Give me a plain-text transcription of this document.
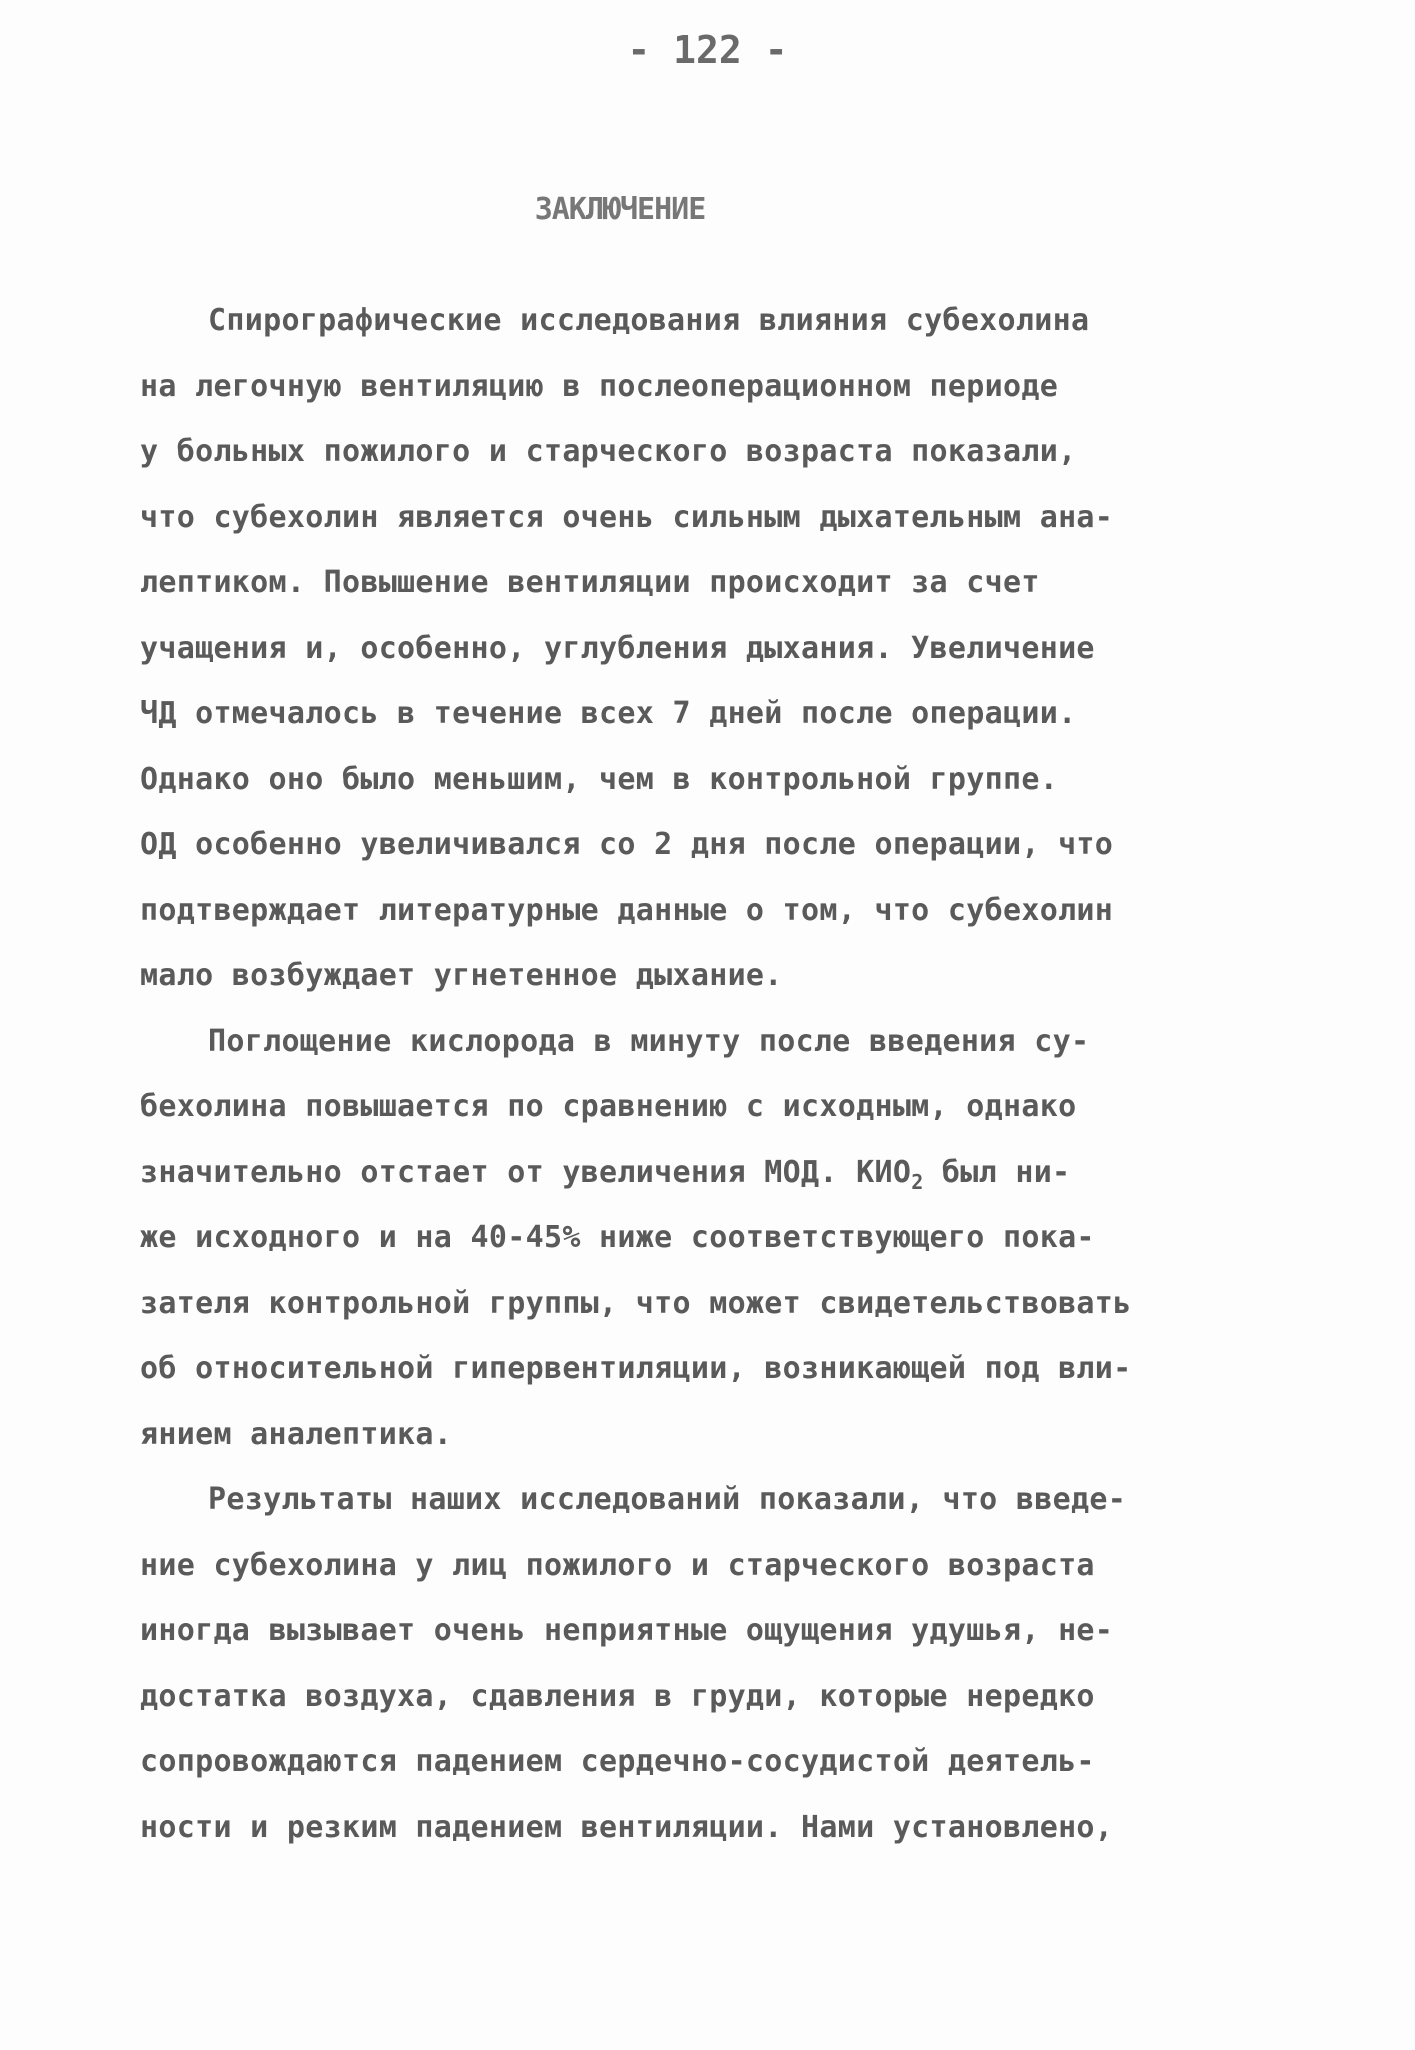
- 122 -
ЗАКЛЮЧЕНИЕ
Спирографические исследования влияния субехолина
на легочную вентиляцию в послеоперационном периоде
у больных пожилого и старческого возраста показали,
что субехолин является очень сильным дыхательным ана-
лептиком. Повышение вентиляции происходит за счет
учащения и, особенно, углубления дыхания. Увеличение
ЧД отмечалось в течение всех 7 дней после операции.
Однако оно было меньшим, чем в контрольной группе.
ОД особенно увеличивался со 2 дня после операции, что
подтверждает литературные данные о том, что субехолин
мало возбуждает угнетенное дыхание.
Поглощение кислорода в минуту после введения су-
бехолина повышается по сравнению с исходным, однако
значительно отстает от увеличения МОД. $КИО_2$ был ни-
же исходного и на 40-45% ниже соответствующего пока-
зателя контрольной группы, что может свидетельствовать
об относительной гипервентиляции, возникающей под вли-
янием аналептика.
Результаты наших исследований показали, что введе-
ние субехолина у лиц пожилого и старческого возраста
иногда вызывает очень неприятные ощущения удушья, не-
достатка воздуха, сдавления в груди, которые нередко
сопровождаются падением сердечно-сосудистой деятель-
ности и резким падением вентиляции. Нами установлено,
